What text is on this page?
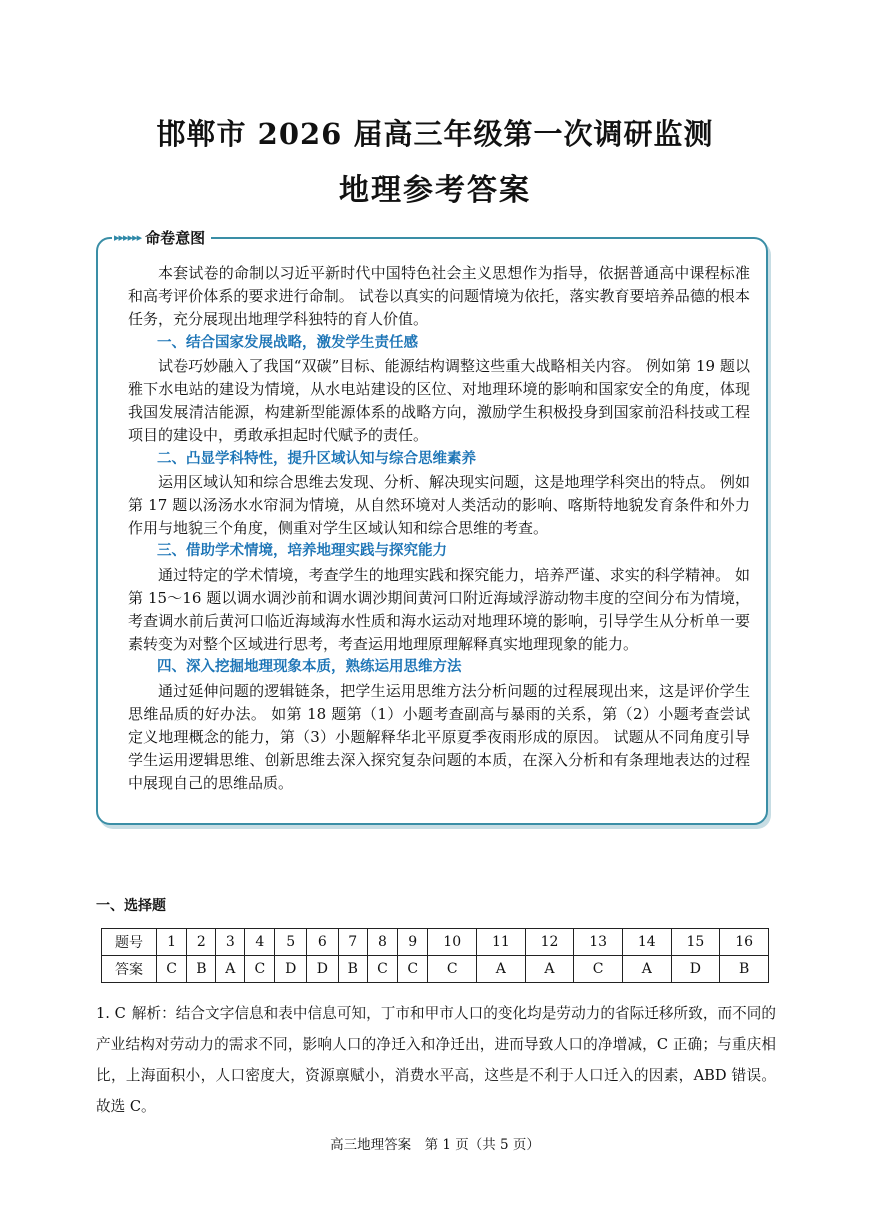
邯郸市 2026 届高三年级第一次调研监测
地理参考答案
▸▸▸▸▸▸ 命卷意图

本套试卷的命制以习近平新时代中国特色社会主义思想作为指导，依据普通高中课程标准和高考评价体系的要求进行命制。 试卷以真实的问题情境为依托，落实教育要培养品德的根本任务，充分展现出地理学科独特的育人价值。

一、结合国家发展战略，激发学生责任感

试卷巧妙融入了我国“双碳”目标、能源结构调整这些重大战略相关内容。 例如第 19 题以雅下水电站的建设为情境，从水电站建设的区位、对地理环境的影响和国家安全的角度，体现我国发展清洁能源，构建新型能源体系的战略方向，激励学生积极投身到国家前沿科技或工程项目的建设中，勇敢承担起时代赋予的责任。

二、凸显学科特性，提升区域认知与综合思维素养

运用区域认知和综合思维去发现、分析、解决现实问题，这是地理学科突出的特点。 例如第 17 题以汤汤水水帘洞为情境，从自然环境对人类活动的影响、喀斯特地貌发育条件和外力作用与地貌三个角度，侧重对学生区域认知和综合思维的考查。

三、借助学术情境，培养地理实践与探究能力

通过特定的学术情境，考查学生的地理实践和探究能力，培养严谨、求实的科学精神。 如第 15～16 题以调水调沙前和调水调沙期间黄河口附近海域浮游动物丰度的空间分布为情境，考查调水前后黄河口临近海域海水性质和海水运动对地理环境的影响，引导学生从分析单一要素转变为对整个区域进行思考，考查运用地理原理解释真实地理现象的能力。

四、深入挖掘地理现象本质，熟练运用思维方法

通过延伸问题的逻辑链条，把学生运用思维方法分析问题的过程展现出来，这是评价学生思维品质的好办法。 如第 18 题第（1）小题考查副高与暴雨的关系，第（2）小题考查尝试定义地理概念的能力，第（3）小题解释华北平原夏季夜雨形成的原因。 试题从不同角度引导学生运用逻辑思维、创新思维去深入探究复杂问题的本质，在深入分析和有条理地表达的过程中展现自己的思维品质。

一、选择题
题号	1	2	3	4	5	6	7	8	9	10	11	12	13	14	15	16
答案	C	B	A	C	D	D	B	C	C	C	A	A	C	A	D	B
1. C 解析：结合文字信息和表中信息可知，丁市和甲市人口的变化均是劳动力的省际迁移所致，而不同的产业结构对劳动力的需求不同，影响人口的净迁入和净迁出，进而导致人口的净增减，C 正确；与重庆相比，上海面积小，人口密度大，资源禀赋小，消费水平高，这些是不利于人口迁入的因素，ABD 错误。 故选 C。
高三地理答案　第 1 页（共 5 页）
